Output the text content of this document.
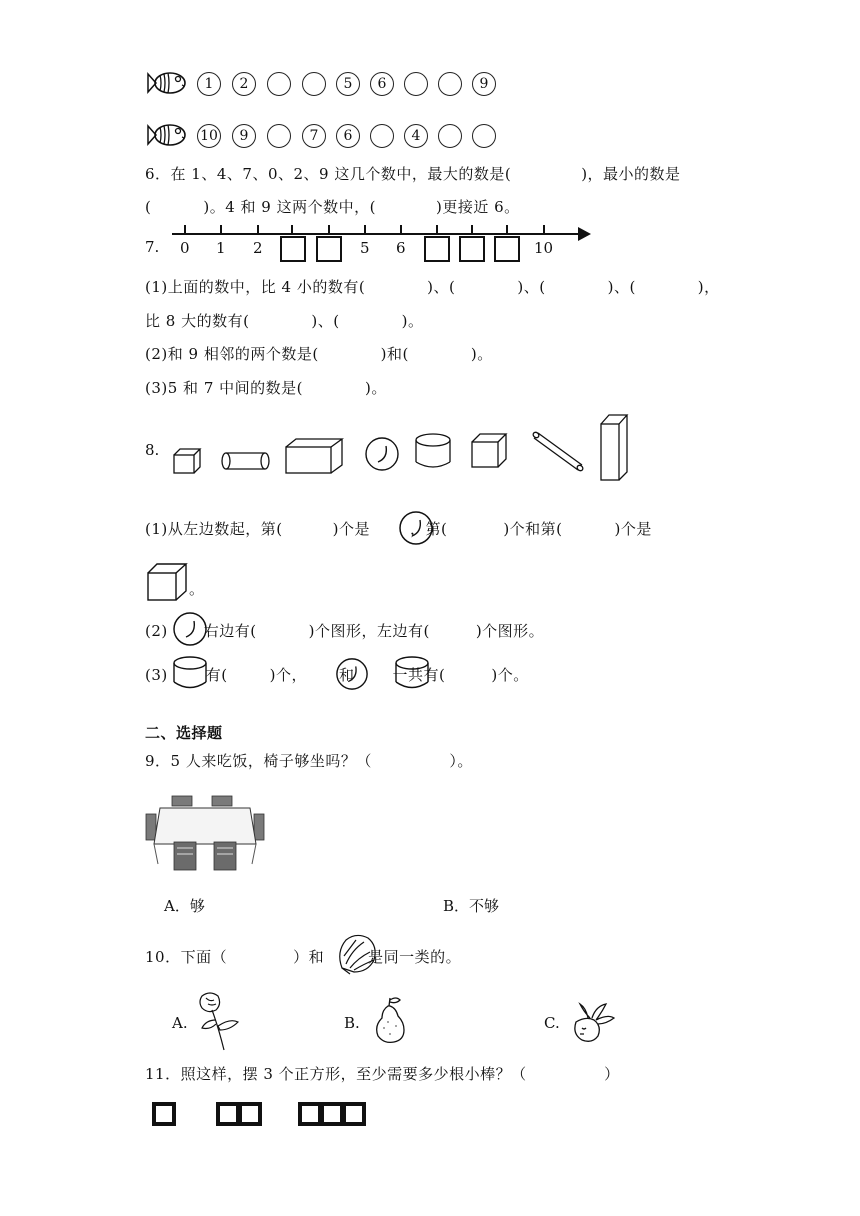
1	2	5	6	9
10	9	7	6	4
6．在 1、4、7、0、2、9 这几个数中，最大的数是(	)，最小的数是
(	)。4 和 9 这两个数中，(	)更接近 6。
7. 0 1 2	5 6	10
(1)上面的数中，比 4 小的数有(　　　　)、(　　　　)、(　　　　)、(　　　　)，
比 8 大的数有(　　　　)、(　　　　)。
(2)和 9 相邻的两个数是(　　　　)和(　　　　)。
(3)5 和 7 中间的数是(　　　　)。
8.
(1)从左边数起，第(	)个是	，第(	)个和第(	)个是
。
(2) 右边有(	)个图形，左边有(	)个图形。
(3)	有(	)个， 和	一共有(	)个。
二、选择题
9．5 人来吃饭，椅子够坐吗？（　　　　　）。
A．够	B．不够
10．下面（	）和	是同一类的。
A.	B.	C.
11．照这样，摆 3 个正方形，至少需要多少根小棒？（　　　　　）
